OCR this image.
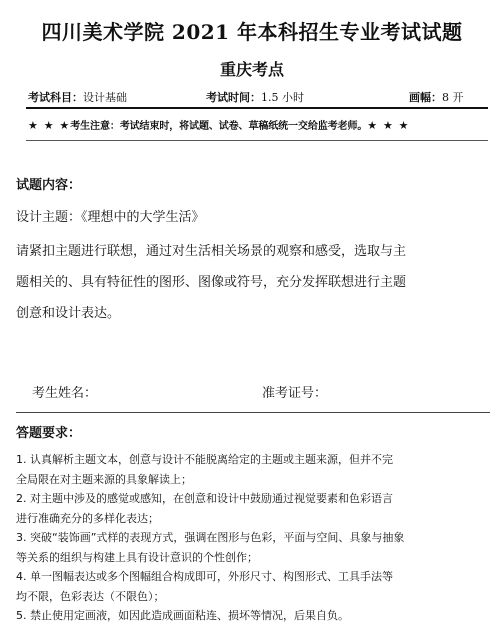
四川美术学院 2021 年本科招生专业考试试题
重庆考点
考试科目：设计基础	考试时间：1.5 小时	画幅：8 开
★ ★ ★考生注意：考试结束时，将试题、试卷、草稿纸统一交给监考老师。★ ★ ★
试题内容：
设计主题：《理想中的大学生活》
请紧扣主题进行联想，通过对生活相关场景的观察和感受，选取与主
题相关的、具有特征性的图形、图像或符号，充分发挥联想进行主题
创意和设计表达。
考生姓名：	准考证号：
答题要求：
1. 认真解析主题文本，创意与设计不能脱离给定的主题或主题来源，但并不完
全局限在对主题来源的具象解读上；
2. 对主题中涉及的感觉或感知，在创意和设计中鼓励通过视觉要素和色彩语言
进行准确充分的多样化表达；
3. 突破“装饰画”式样的表现方式，强调在图形与色彩，平面与空间、具象与抽象
等关系的组织与构建上具有设计意识的个性创作；
4. 单一图幅表达或多个图幅组合构成即可，外形尺寸、构图形式、工具手法等
均不限，色彩表达（不限色）；
5. 禁止使用定画液，如因此造成画面粘连、损坏等情况，后果自负。
